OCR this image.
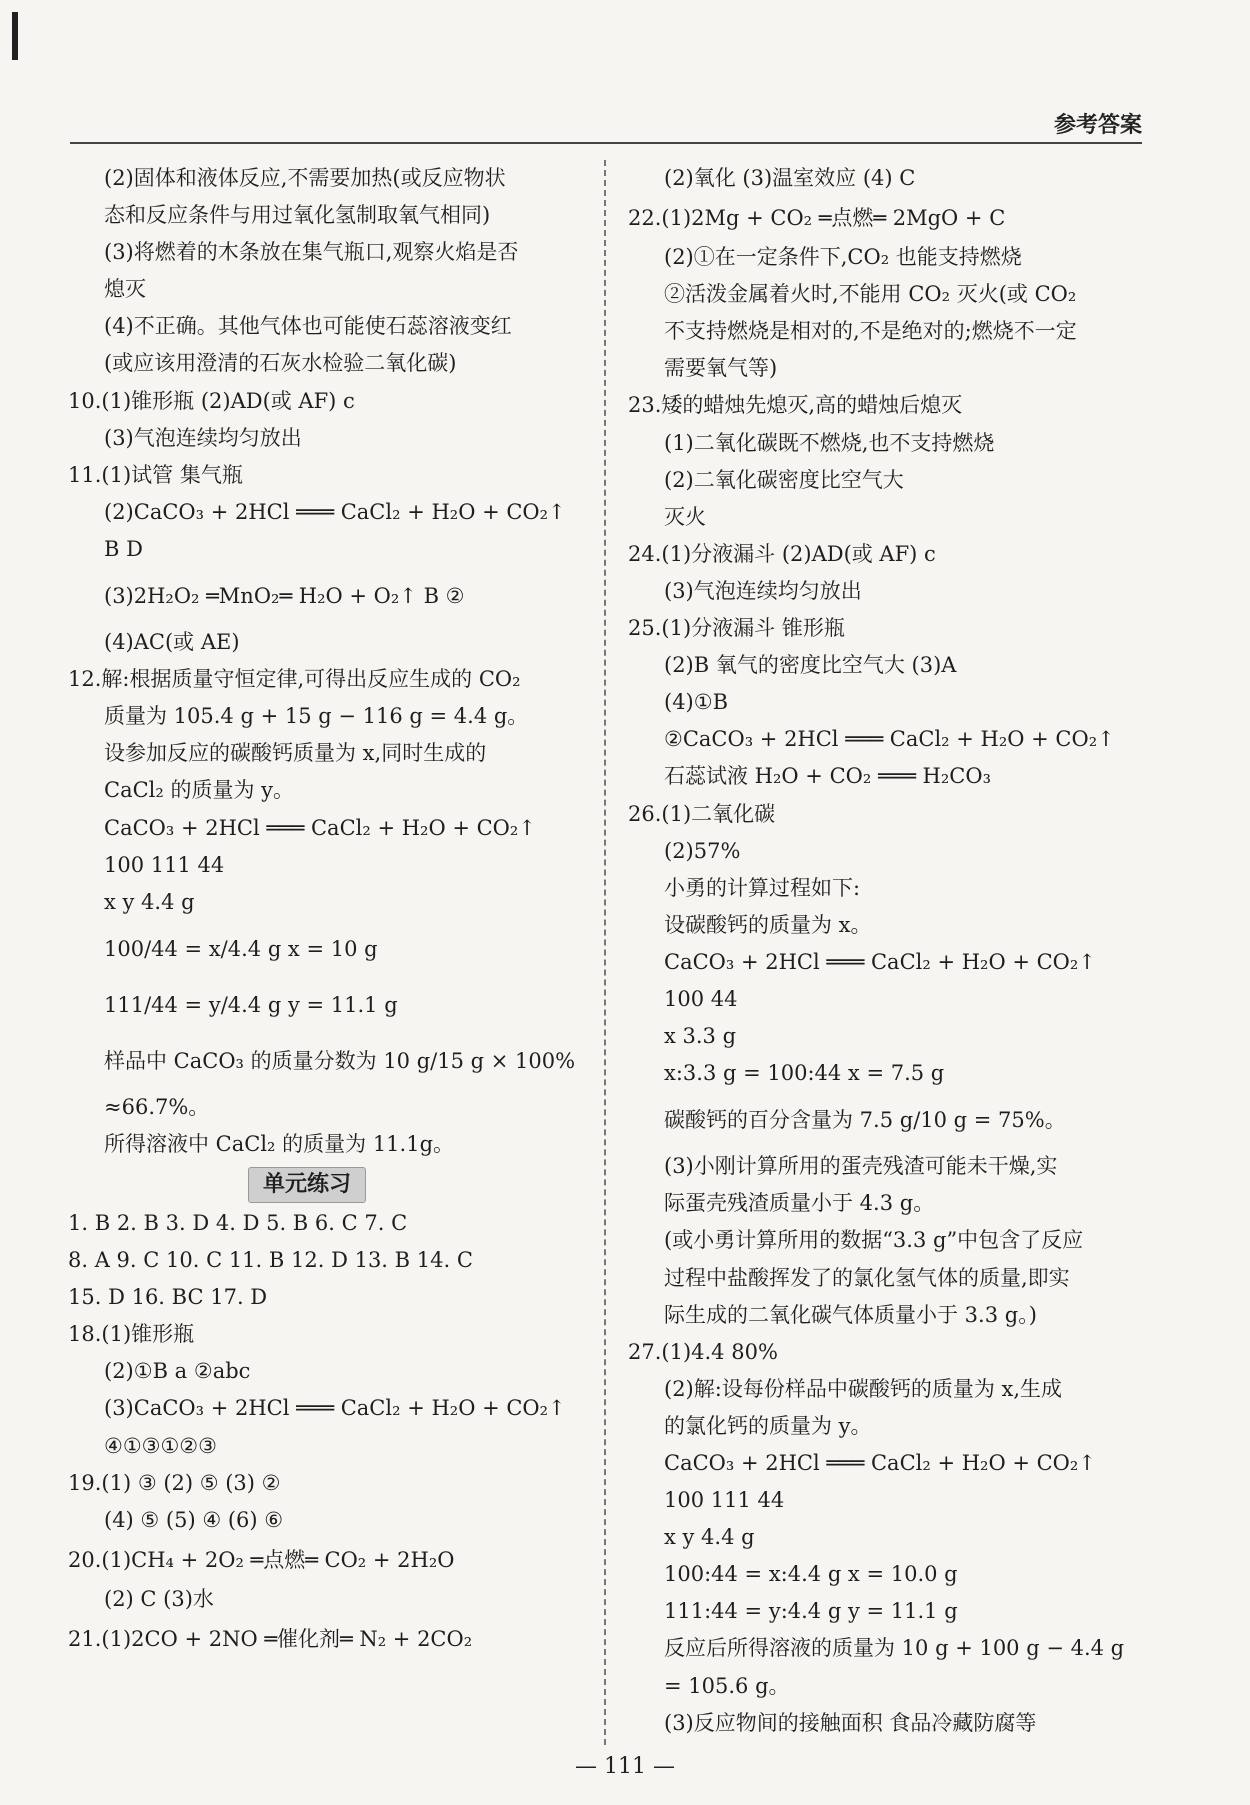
参考答案
(2)固体和液体反应,不需要加热(或反应物状
态和反应条件与用过氧化氢制取氧气相同)
(3)将燃着的木条放在集气瓶口,观察火焰是否
熄灭
(4)不正确。其他气体也可能使石蕊溶液变红
(或应该用澄清的石灰水检验二氧化碳)
10.(1)锥形瓶 (2)AD(或 AF) c
(3)气泡连续均匀放出
11.(1)试管 集气瓶
(2)CaCO₃ + 2HCl ═══ CaCl₂ + H₂O + CO₂↑
B D
(3)2H₂O₂ ═MnO₂═ H₂O + O₂↑ B ②
(4)AC(或 AE)
12.解:根据质量守恒定律,可得出反应生成的 CO₂
质量为 105.4 g + 15 g − 116 g = 4.4 g。
设参加反应的碳酸钙质量为 x,同时生成的
CaCl₂ 的质量为 y。
CaCO₃ + 2HCl ═══ CaCl₂ + H₂O + CO₂↑
100 111 44
x y 4.4 g
100/44 = x/4.4 g x = 10 g
111/44 = y/4.4 g y = 11.1 g
样品中 CaCO₃ 的质量分数为 10 g/15 g × 100%
≈66.7%。
所得溶液中 CaCl₂ 的质量为 11.1g。
单元练习
1. B 2. B 3. D 4. D 5. B 6. C 7. C
8. A 9. C 10. C 11. B 12. D 13. B 14. C
15. D 16. BC 17. D
18.(1)锥形瓶
(2)①B a ②abc
(3)CaCO₃ + 2HCl ═══ CaCl₂ + H₂O + CO₂↑
④①③①②③
19.(1) ③ (2) ⑤ (3) ②
(4) ⑤ (5) ④ (6) ⑥
20.(1)CH₄ + 2O₂ ═点燃═ CO₂ + 2H₂O
(2) C (3)水
21.(1)2CO + 2NO ═催化剂═ N₂ + 2CO₂
(2)氧化 (3)温室效应 (4) C
22.(1)2Mg + CO₂ ═点燃═ 2MgO + C
(2)①在一定条件下,CO₂ 也能支持燃烧
②活泼金属着火时,不能用 CO₂ 灭火(或 CO₂
不支持燃烧是相对的,不是绝对的;燃烧不一定
需要氧气等)
23.矮的蜡烛先熄灭,高的蜡烛后熄灭
(1)二氧化碳既不燃烧,也不支持燃烧
(2)二氧化碳密度比空气大
灭火
24.(1)分液漏斗 (2)AD(或 AF) c
(3)气泡连续均匀放出
25.(1)分液漏斗 锥形瓶
(2)B 氧气的密度比空气大 (3)A
(4)①B
②CaCO₃ + 2HCl ═══ CaCl₂ + H₂O + CO₂↑
石蕊试液 H₂O + CO₂ ═══ H₂CO₃
26.(1)二氧化碳
(2)57%
小勇的计算过程如下:
设碳酸钙的质量为 x。
CaCO₃ + 2HCl ═══ CaCl₂ + H₂O + CO₂↑
100 44
x 3.3 g
x:3.3 g = 100:44 x = 7.5 g
碳酸钙的百分含量为 7.5 g/10 g = 75%。
(3)小刚计算所用的蛋壳残渣可能未干燥,实
际蛋壳残渣质量小于 4.3 g。
(或小勇计算所用的数据“3.3 g”中包含了反应
过程中盐酸挥发了的氯化氢气体的质量,即实
际生成的二氧化碳气体质量小于 3.3 g。)
27.(1)4.4 80%
(2)解:设每份样品中碳酸钙的质量为 x,生成
的氯化钙的质量为 y。
CaCO₃ + 2HCl ═══ CaCl₂ + H₂O + CO₂↑
100 111 44
x y 4.4 g
100:44 = x:4.4 g x = 10.0 g
111:44 = y:4.4 g y = 11.1 g
反应后所得溶液的质量为 10 g + 100 g − 4.4 g
= 105.6 g。
(3)反应物间的接触面积 食品冷藏防腐等
— 111 —
